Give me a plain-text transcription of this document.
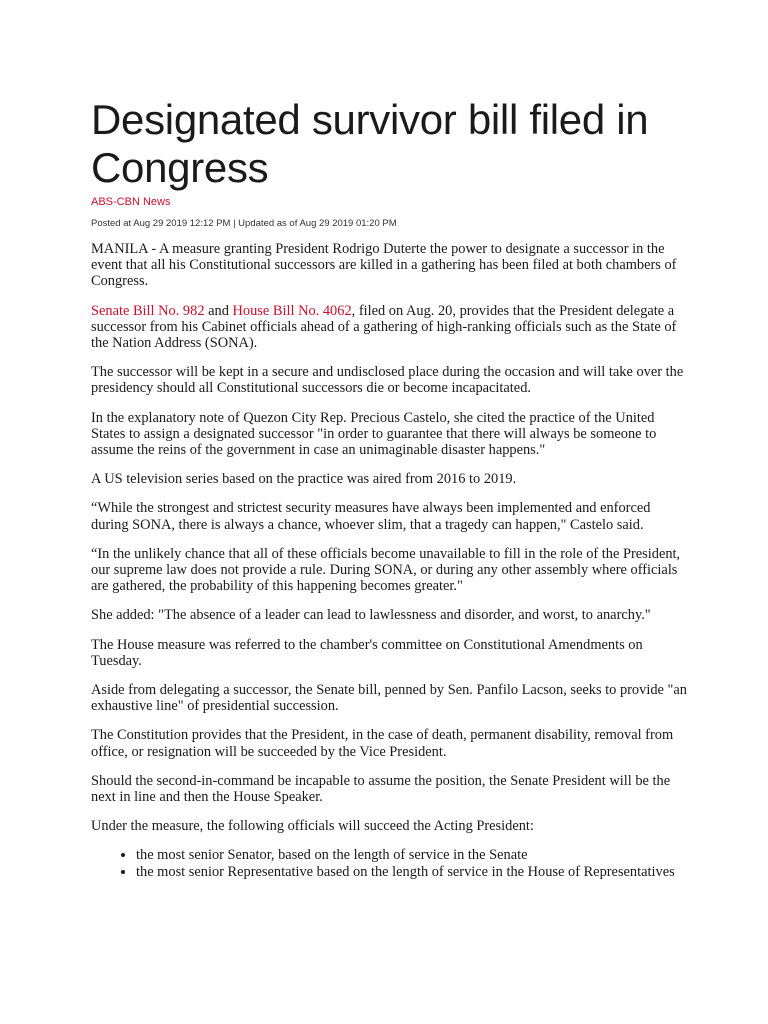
Designated survivor bill filed in Congress
ABS-CBN News
Posted at Aug 29 2019 12:12 PM | Updated as of Aug 29 2019 01:20 PM

MANILA - A measure granting President Rodrigo Duterte the power to designate a successor in the event that all his Constitutional successors are killed in a gathering has been filed at both chambers of Congress.

Senate Bill No. 982 and House Bill No. 4062, filed on Aug. 20, provides that the President delegate a successor from his Cabinet officials ahead of a gathering of high-ranking officials such as the State of the Nation Address (SONA).

The successor will be kept in a secure and undisclosed place during the occasion and will take over the presidency should all Constitutional successors die or become incapacitated.

In the explanatory note of Quezon City Rep. Precious Castelo, she cited the practice of the United States to assign a designated successor "in order to guarantee that there will always be someone to assume the reins of the government in case an unimaginable disaster happens."

A US television series based on the practice was aired from 2016 to 2019.

“While the strongest and strictest security measures have always been implemented and enforced during SONA, there is always a chance, whoever slim, that a tragedy can happen," Castelo said.

“In the unlikely chance that all of these officials become unavailable to fill in the role of the President, our supreme law does not provide a rule. During SONA, or during any other assembly where officials are gathered, the probability of this happening becomes greater."

She added: "The absence of a leader can lead to lawlessness and disorder, and worst, to anarchy."

The House measure was referred to the chamber's committee on Constitutional Amendments on Tuesday.

Aside from delegating a successor, the Senate bill, penned by Sen. Panfilo Lacson, seeks to provide "an exhaustive line" of presidential succession.

The Constitution provides that the President, in the case of death, permanent disability, removal from office, or resignation will be succeeded by the Vice President.

Should the second-in-command be incapable to assume the position, the Senate President will be the next in line and then the House Speaker.

Under the measure, the following officials will succeed the Acting President:

• the most senior Senator, based on the length of service in the Senate
• the most senior Representative based on the length of service in the House of Representatives
